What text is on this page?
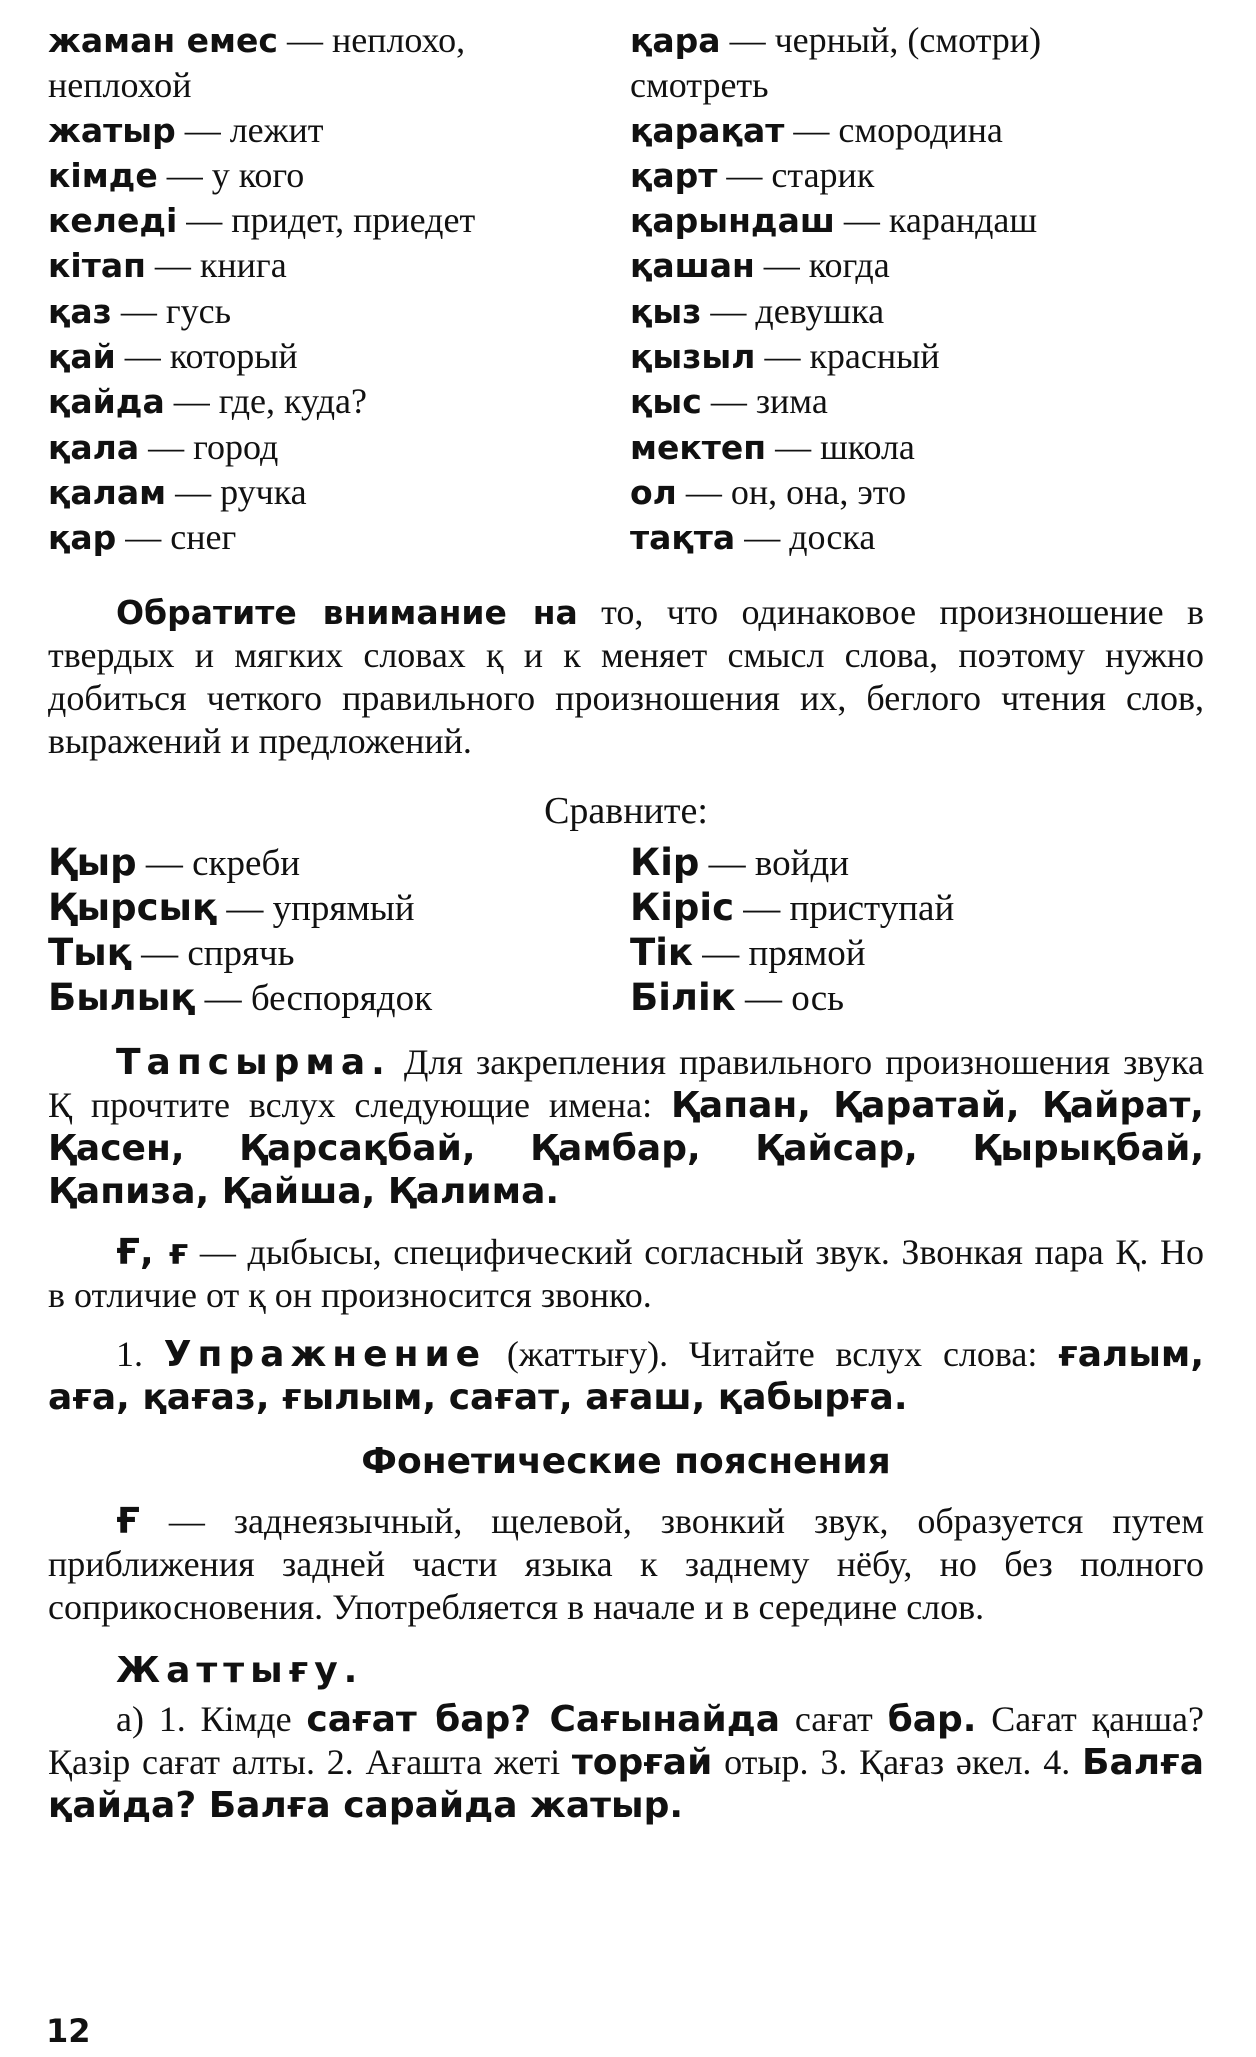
жаман емес — неплохо,
неплохой
жатыр — лежит
кімде — у кого
келеді — придет, приедет
кітап — книга
қаз — гусь
қай — который
қайда — где, куда?
қала — город
қалам — ручка
қар — снег
қара — черный, (смотри)
смотреть
қарақат — смородина
қарт — старик
қарындаш — карандаш
қашан — когда
қыз — девушка
қызыл — красный
қыс — зима
мектеп — школа
ол — он, она, это
тақта — доска

Обратите внимание на то, что одинаковое произношение в твердых и мягких словах қ и к меняет смысл слова, поэтому нужно добиться четкого правильного произношения их, беглого чтения слов, выражений и предложений.

Сравните:

Қыр — скреби
Қырсық — упрямый
Тық — спрячь
Былық — беспорядок
Кір — войди
Кіріс — приступай
Тік — прямой
Білік — ось

Тапсырма. Для закрепления правильного произношения звука Қ прочтите вслух следующие имена: Қапан, Қаратай, Қайрат, Қасен, Қарсақбай, Қамбар, Қайсар, Қырықбай, Қапиза, Қайша, Қалима.

Ғ, ғ — дыбысы, специфический согласный звук. Звонкая пара Қ. Но в отличие от қ он произносится звонко.

1. Упражнение (жаттығу). Читайте вслух слова: ғалым, аға, қағаз, ғылым, сағат, ағаш, қабырға.

Фонетические пояснения

Ғ — заднеязычный, щелевой, звонкий звук, образуется путем приближения задней части языка к заднему нёбу, но без полного соприкосновения. Употребляется в начале и в середине слов.

Жаттығу.

а) 1. Кімде сағат бар? Сағынайда сағат бар. Сағат қанша? Қазір сағат алты. 2. Ағашта жеті торғай отыр. 3. Қағаз әкел. 4. Балға қайда? Балға сарайда жатыр.

12
